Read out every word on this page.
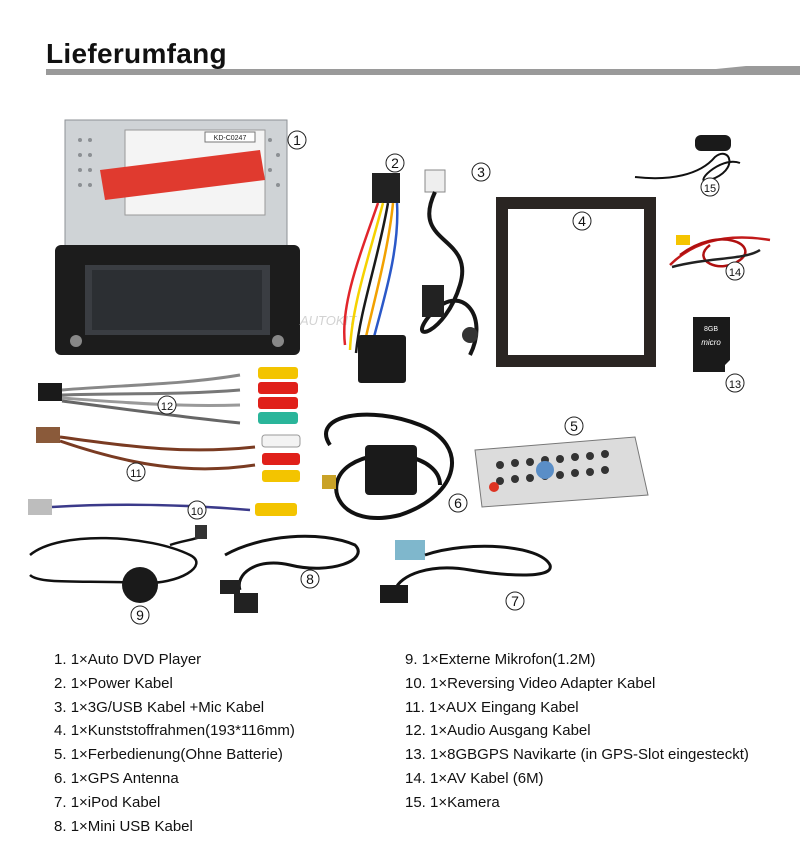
Lieferumfang
KD-C0247
AUTOKIT
8GB
micro
1
2
3
4
5
6
7
8
9
10
11
12
13
14
15
1. 1×Auto DVD Player
2. 1×Power Kabel
3. 1×3G/USB Kabel +Mic Kabel
4. 1×Kunststoffrahmen(193*116mm)
5. 1×Ferbedienung(Ohne Batterie)
6. 1×GPS Antenna
7. 1×iPod Kabel
8. 1×Mini USB Kabel
9. 1×Externe Mikrofon(1.2M)
10. 1×Reversing Video Adapter Kabel
11. 1×AUX Eingang Kabel
12. 1×Audio Ausgang Kabel
13. 1×8GBGPS Navikarte (in GPS-Slot eingesteckt)
14. 1×AV Kabel (6M)
15. 1×Kamera
